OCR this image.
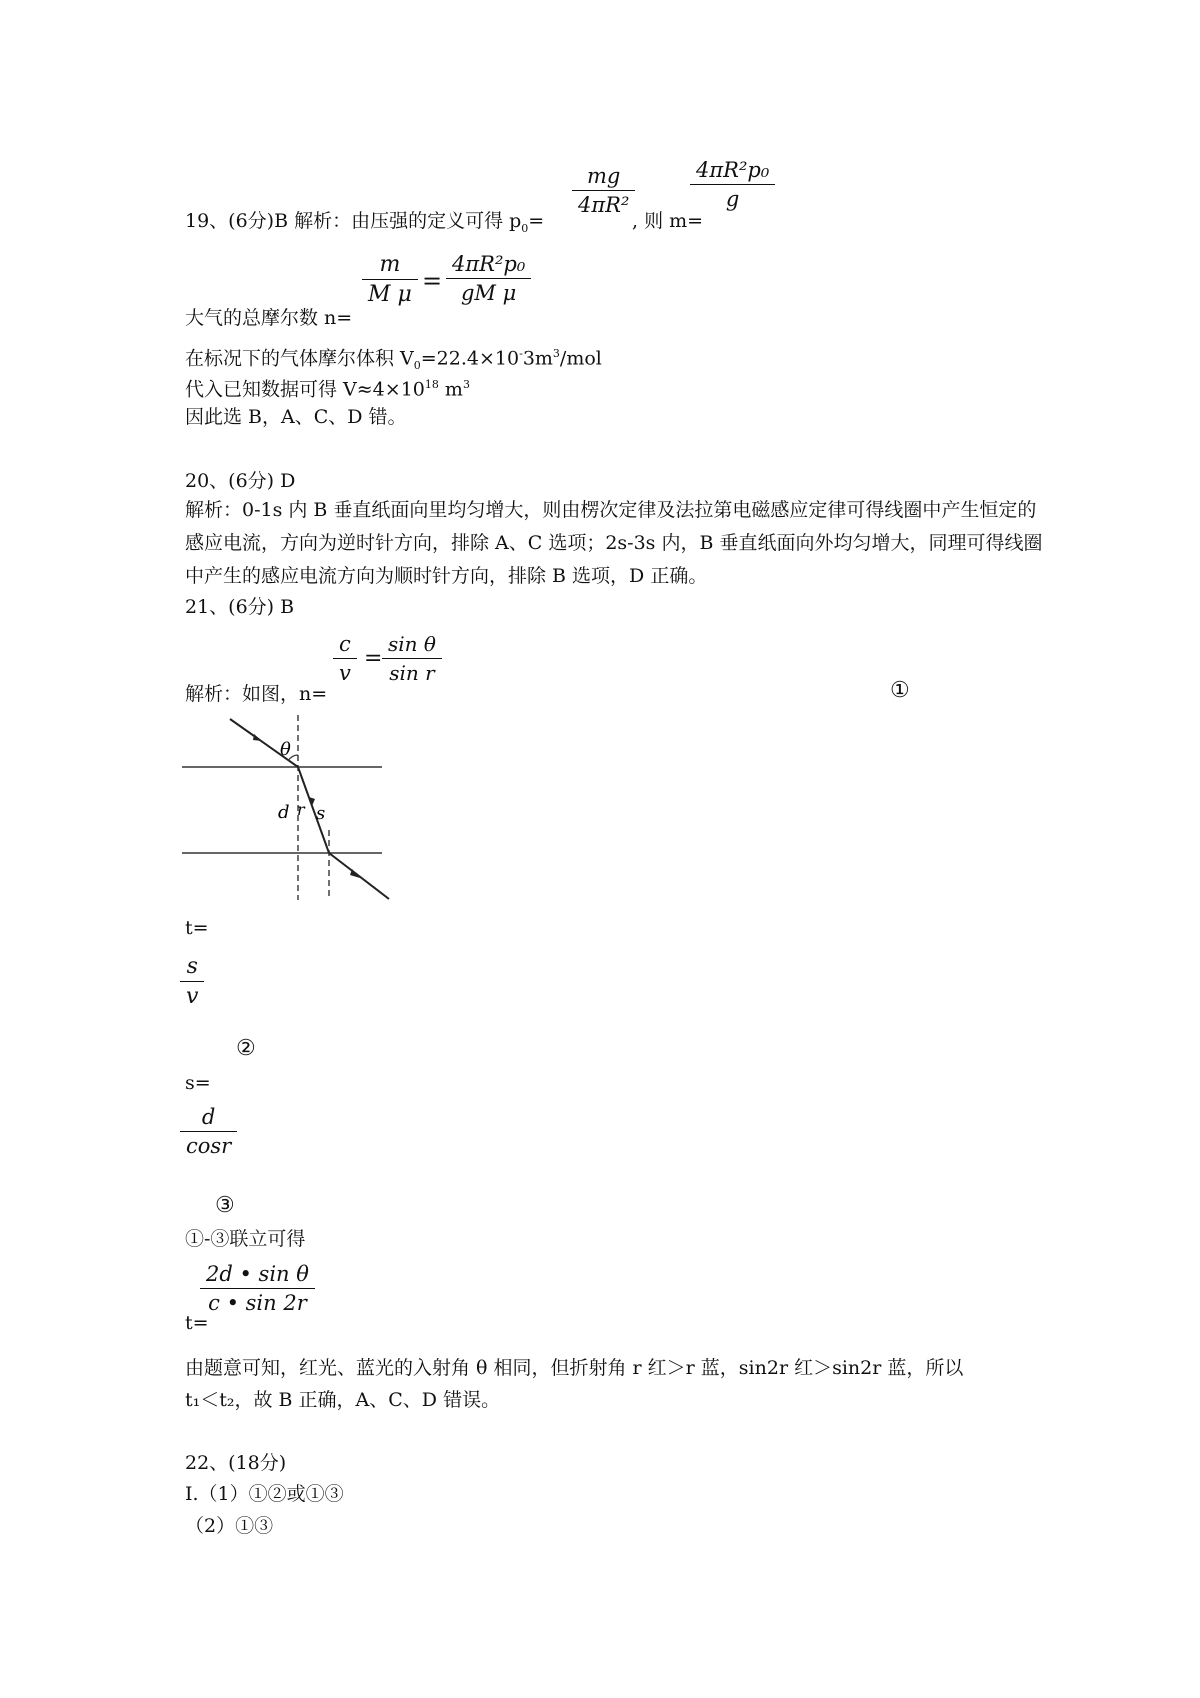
$\frac{mg}{\text{4πR²}}$	$\frac{\text{4πR²p₀}}{g}$
19、(6分)B 解析：由压强的定义可得 $p_0=$	, 则 m=
$\frac{m}{\text{M μ}} = \frac{\text{4πR²p₀}}{\text{gM μ}}$
大气的总摩尔数 n=
在标况下的气体摩尔体积 $V_0=22.4\times 10^-3m^3$/mol
代入已知数据可得 $V\approx 4\times 10^{18}$ $m^3$
因此选 B，A、C、D 错。
20、(6分) D
解析：0-1s 内 B 垂直纸面向里均匀增大，则由楞次定律及法拉第电磁感应定律可得线圈中产生恒定的感应电流，方向为逆时针方向，排除 A、C 选项；2s-3s 内，B 垂直纸面向外均匀增大，同理可得线圈中产生的感应电流方向为顺时针方向，排除 B 选项，D 正确。
21、(6分) B
$\frac{c}{v} = \frac{\text{sin θ}}{\text{sin r}}$
解析：如图，n=	①
θ
d r s
t=
$\frac{s}{v}$
②
s=
$\frac{d}{\cos r}$
③
①-③联立可得
$\frac{\text{2d • sin θ}}{c • \sin 2r}$
t=
由题意可知，红光、蓝光的入射角 θ 相同，但折射角 r 红＞r 蓝，sin2r 红＞sin2r 蓝，所以
t₁＜t₂，故 B 正确，A、C、D 错误。
22、(18分)
Ⅰ.（1）①②或①③
（2）①③
